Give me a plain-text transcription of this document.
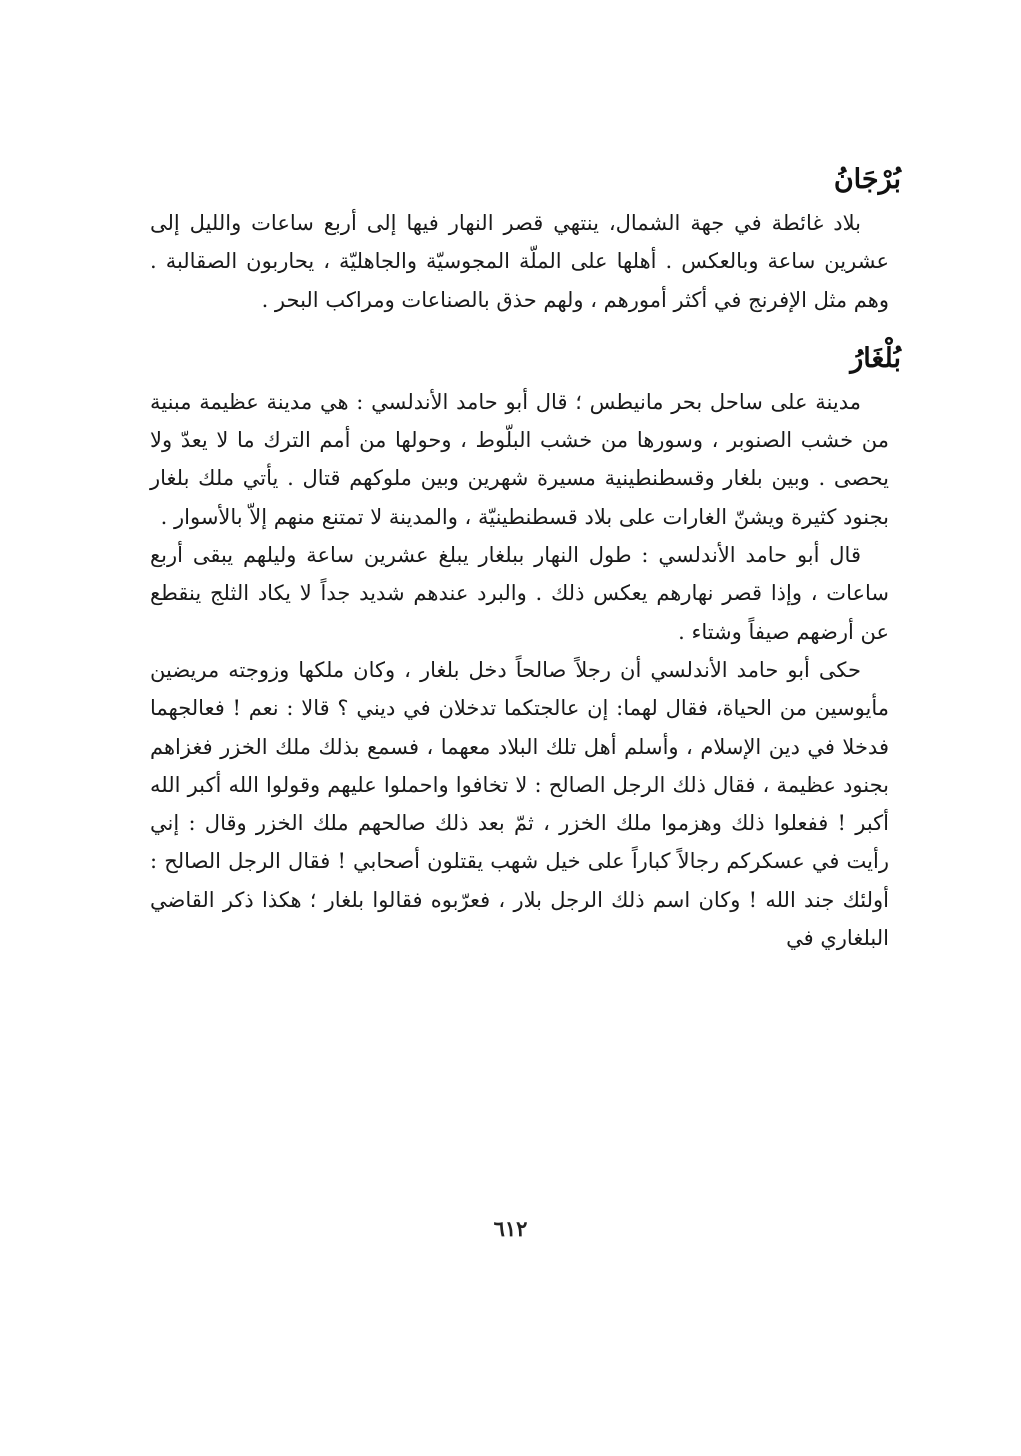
بُرْجَانُ

بلاد غائطة في جهة الشمال، ينتهي قصر النهار فيها إلى أربع ساعات والليل إلى عشرين ساعة وبالعكس . أهلها على الملّة المجوسيّة والجاهليّة ، يحاربون الصقالبة . وهم مثل الإفرنج في أكثر أمورهم ، ولهم حذق بالصناعات ومراكب البحر .

بُلْغَارُ

مدينة على ساحل بحر مانيطس ؛ قال أبو حامد الأندلسي : هي مدينة عظيمة مبنية من خشب الصنوبر ، وسورها من خشب البلّوط ، وحولها من أمم الترك ما لا يعدّ ولا يحصى . وبين بلغار وقسطنطينية مسيرة شهرين وبين ملوكهم قتال . يأتي ملك بلغار بجنود كثيرة ويشنّ الغارات على بلاد قسطنطينيّة ، والمدينة لا تمتنع منهم إلاّ بالأسوار .

قال أبو حامد الأندلسي : طول النهار ببلغار يبلغ عشرين ساعة وليلهم يبقى أربع ساعات ، وإذا قصر نهارهم يعكس ذلك . والبرد عندهم شديد جداً لا يكاد الثلج ينقطع عن أرضهم صيفاً وشتاء .

حكى أبو حامد الأندلسي أن رجلاً صالحاً دخل بلغار ، وكان ملكها وزوجته مريضين مأيوسين من الحياة، فقال لهما: إن عالجتكما تدخلان في ديني ؟ قالا : نعم ! فعالجهما فدخلا في دين الإسلام ، وأسلم أهل تلك البلاد معهما ، فسمع بذلك ملك الخزر فغزاهم بجنود عظيمة ، فقال ذلك الرجل الصالح : لا تخافوا واحملوا عليهم وقولوا الله أكبر الله أكبر ! ففعلوا ذلك وهزموا ملك الخزر ، ثمّ بعد ذلك صالحهم ملك الخزر وقال : إني رأيت في عسكركم رجالاً كباراً على خيل شهب يقتلون أصحابي ! فقال الرجل الصالح : أولئك جند الله ! وكان اسم ذلك الرجل بلار ، فعرّبوه فقالوا بلغار ؛ هكذا ذكر القاضي البلغاري في

٦١٢
